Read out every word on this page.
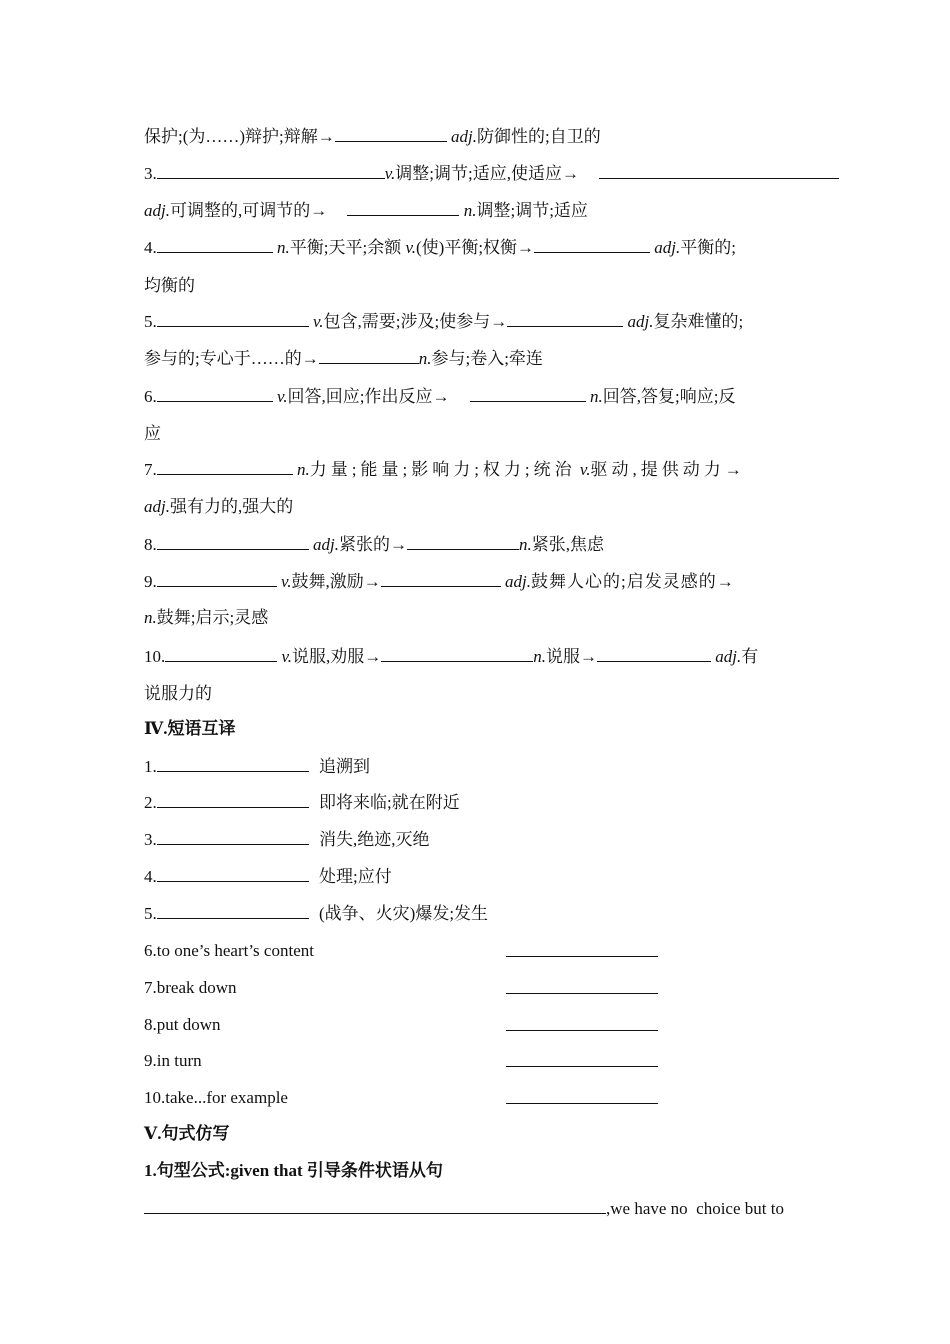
保护;(为……)辩护;辩解→	adj.防御性的;自卫的
3.	v.调整;调节;适应,使适应→
adj.可调整的,可调节的→	n.调整;调节;适应
4.	n.平衡;天平;余额 v.(使)平衡;权衡→	adj.平衡的;
均衡的
5.	v.包含,需要;涉及;使参与→	adj.复杂难懂的;
参与的;专心于……的→	n.参与;卷入;牵连
6.	v.回答,回应;作出反应→	n.回答,答复;响应;反
应
7.	n.力量;能量;影响力;权力;统治 v.驱动,提供动力→
adj.强有力的,强大的
8.	adj.紧张的→	n.紧张,焦虑
9.	v.鼓舞,激励→	adj.鼓舞人心的;启发灵感的→
n.鼓舞;启示;灵感
10.	v.说服,劝服→	n.说服→	adj.有
说服力的
Ⅳ.短语互译
1.	追溯到
2.	即将来临;就在附近
3.	消失,绝迹,灭绝
4.	处理;应付
5.	(战争、火灾)爆发;发生
6.to one’s heart’s content
7.break down
8.put down
9.in turn
10.take...for example
Ⅴ.句式仿写
1.句型公式:given that 引导条件状语从句
,we have no  choice but to
